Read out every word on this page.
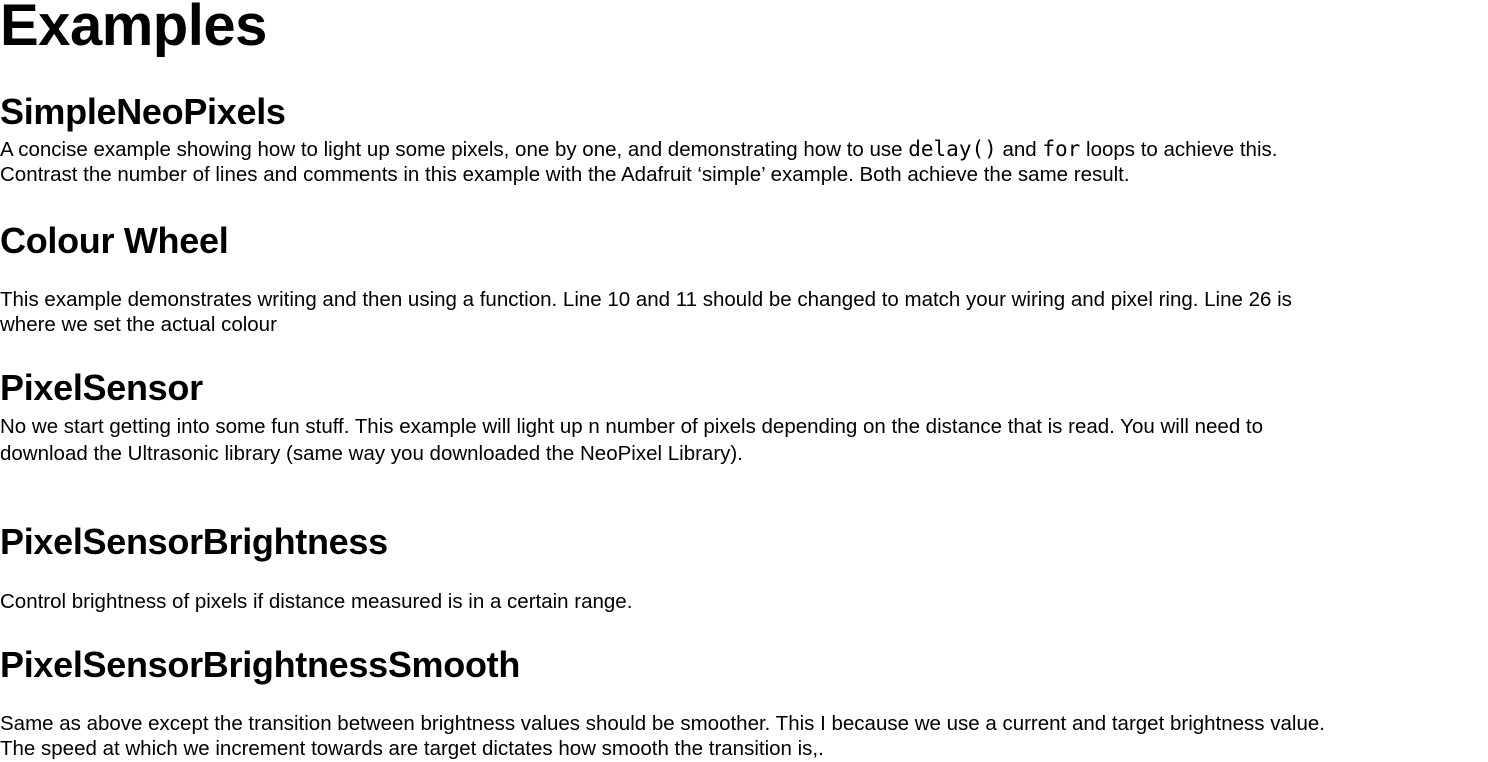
Examples
SimpleNeoPixels

A concise example showing how to light up some pixels, one by one, and demonstrating how to use delay() and for loops to achieve this.
Contrast the number of lines and comments in this example with the Adafruit ‘simple’ example. Both achieve the same result.

Colour Wheel

This example demonstrates writing and then using a function. Line 10 and 11 should be changed to match your wiring and pixel ring. Line 26 is
where we set the actual colour

PixelSensor

No we start getting into some fun stuff. This example will light up n number of pixels depending on the distance that is read. You will need to
download the Ultrasonic library (same way you downloaded the NeoPixel Library).

PixelSensorBrightness

Control brightness of pixels if distance measured is in a certain range.

PixelSensorBrightnessSmooth

Same as above except the transition between brightness values should be smoother. This I because we use a current and target brightness value.
The speed at which we increment towards are target dictates how smooth the transition is,.
